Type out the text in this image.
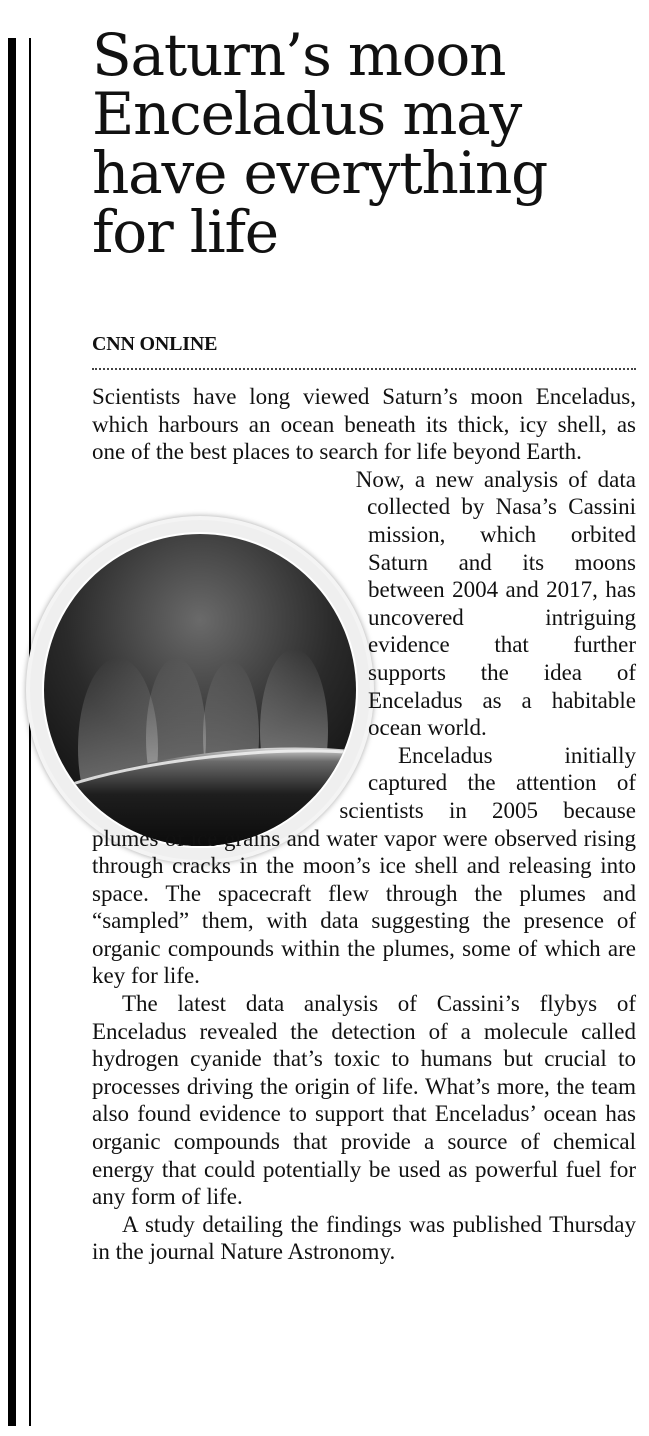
Saturn’s moon Enceladus may have everything for life
CNN ONLINE

Scientists have long viewed Saturn’s moon Enceladus, which harbours an ocean beneath its thick, icy shell, as one of the best places to search for life beyond Earth.

Now, a new analysis of data collected by Nasa’s Cassini mission, which orbited Saturn and its moons between 2004 and 2017, has uncovered intriguing evidence that further supports the idea of Enceladus as a habitable ocean world.

Enceladus initially captured the attention of scientists in 2005 because plumes of ice grains and water vapor were observed rising through cracks in the moon’s ice shell and releasing into space. The spacecraft flew through the plumes and “sampled” them, with data suggesting the presence of organic compounds within the plumes, some of which are key for life.

The latest data analysis of Cassini’s flybys of Enceladus revealed the detection of a molecule called hydrogen cyanide that’s toxic to humans but crucial to processes driving the origin of life. What’s more, the team also found evidence to support that Enceladus’ ocean has organic compounds that provide a source of chemical energy that could potentially be used as powerful fuel for any form of life.

A study detailing the findings was published Thursday in the journal Nature Astronomy.
